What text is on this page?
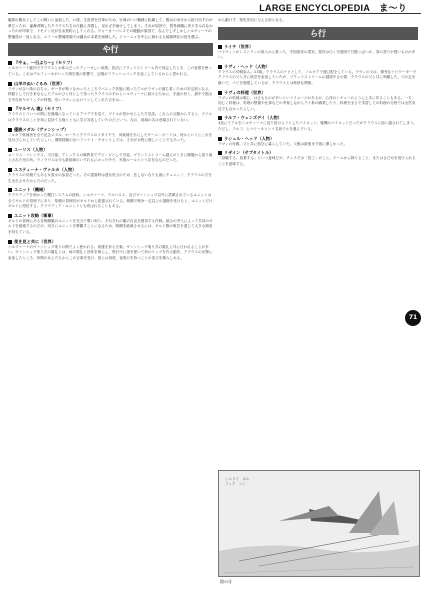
LARGE ENCYCLOPEDIA　ま〜り

艦隊の親兵としてこの戦いに参加した、ロ族、生産者を自軍のため、行商のいい職務に転属して、親兵の身分から抜け出すのが夢だったが、歯舞者戦したクラウスたちの行動に共感し、足わざ手助けしてしまう。それが原因で、貿易商職に戻りをみれなかったのが印象で、ドモイン反が自由契約にしてくれる。ウォーカーパレスでの騒動が原因で、なんでしずしかしシルヴィーナの整備員の一員となる。エミール整備班頭では錬兵の本業を演修した。ドゥーニャを中心に嫁わるも地球移住の島を選ぶ。

や行
『やぁ、一日ぶり〜』（セリフ）
シルヴァーナ艦内でクラウスとお休みだったディーオしい表情。居活にブラッドストリーム内で再会したとき、この表情を使っている。これはデルフィーネがいった晴空後の影響で、記憶がフラッシュバックを起こしているからと思われる。
山羊のぬいぐるみ（世界）
ラヴィが合い紙の自ちゃ。ギータが戦うなかったところでパニック状態に陥ったアルがラヴィの落ち着くための安定剤となる。移動として行き来なもしたアルのひと体として待ったクラウスの手からシルヴィーナに届けるために、手渡の旨と、最中で拠点き中自体ヤギミックが特徴。幼いラヴィにおけうとしてくれた言をは…
『ヤルヤん 寝』（セリフ）
クラウスとういつの間に在籍場になっているアナデラを見て、ゲイルが恐がせらした方見話。これらの言動からすると、ゲイルはクラウスのことを単に見捨てる様とともに学び対応していたのだという。なお、地域の名は登場されていない。
優勝メダル（ヴァンシップ）
ノルキア候補者を全で記念メダル、ホークとクラウスのリタイヤで、何候補を手にしたサーニ・ボーイは、何かというとこれを見せびらかしていたらしい。優勝経験のないファナト・チキンとしては、それが余程に嬉しいことでもあった。
ユーリス（人物）
ユーリス・バレンチス。当日頭、アレックスの郷教者でデビ・ビとしで引退、グランドストリーム越えのときに陳儀から振り落とされた死の所。ウィラウスは今も最前線のいずれもにのった中で、実施ルールという存在なものだった。
ユスティーナ・ヴァルカ（人物）
クラウスの母親でもある女族女の参加だった。夫の遺書時は透な世言のため、悲しないなりも最にチュニッノ、クラウスの方を生まれさせたからたのだった。
ユニット（機械）
クラウディアを預かった機打システムの総称。シルヴァーナ、ウルバスス、及びヴァンシップ以外に搭載されているユニットは全てギルドの管理下にあり、厚備の管理官がギルドから派遣されている。戦闘で戦争一定以上の損傷を受けると、ユニットだけギルドに短信する。クラウディア・ユニットとも呼ばれることもある。
ユニット攻略（軍事）
ギルドの管理にある各戦闘艦のユニットを充当で奪い取り、それぞれの艦の自由を獲得する作戦。統合の突入によって共同のギルドを破壊するのだが、同日にユニットを撃離すことになるため、戦闘を破壊させるには、ギルド側の報告を通じて大きな障害を持ちている。
夜を見と共に（世界）
シルヴァーナのヴァンシップ乗りの間でよく使われる、命運を祈る言葉。ヴァンシップ乗り式の儀礼と共に行われることが多い。ヴァンシップ乗り式の儀礼とは、両の敬礼と団体を鳴らし、飛行中に指を使いて形のリングを作る動作。クラウスの出撃に参加したところ、仲間の兵士たちからこの言葉を受け、彼らは再度、夜明けを待つことの喜びを噛みしめる。

から動けす、指先を切に与える形となる。

ら行
ライチ（世界）
ゴドウィンがレストランの客人から貰った、中国原産の果実。果肉は白く半透明で甘酸っぱいが、茶の香りが強いものが多い。
ラヴィ・ヘッド（人物）
クラウスの幼馴染み。13歳。クラウスのナビとして、ノルキアで運び配をしている。ラヴィの父は、優秀なナビゲーターでクラウスの父と共に航空を参加していたが、ブラッドストリームの越境中止の際、クラウスの父と共に殉職した。父の志を継いで、ナビを勉強しているが、クラウスとは微妙な関係。
ラヴィの料理（世界）
ラヴィの料理は腕じ、はさもものが多いというイメージがあるが、心得のシチューのように上手に作ることもある。一方、同じく料理は、料理の整備や仕事などの考案しながらテイ系の職業したり、料理をまるで実習しての料理の分野では全然身近でもなかったらしい。
ラルフ・ウェンズデイ（人物）
3話にてアルをシルヴァーナに送り届けようとしたパイロット。嘘機のパイロットだったがクラウスに追い越されてしまう。ただし、ラルフ、ヒマリーネという名前でルを運んでいる。
ラシェル・ヘッド（人物）
ラヴィの母親。父と共に航空に暮らしていた。父親は最後まで娘に優しかった。
リザイン（サブタイトル）
「辞職する、放棄する」という意味だが、チェスでは「投了」のこと。ゲームから降りること、またはさだめを受け入れることを意味する。
71
シエリイ　ネル
フィア　ソン
鎧の牙
